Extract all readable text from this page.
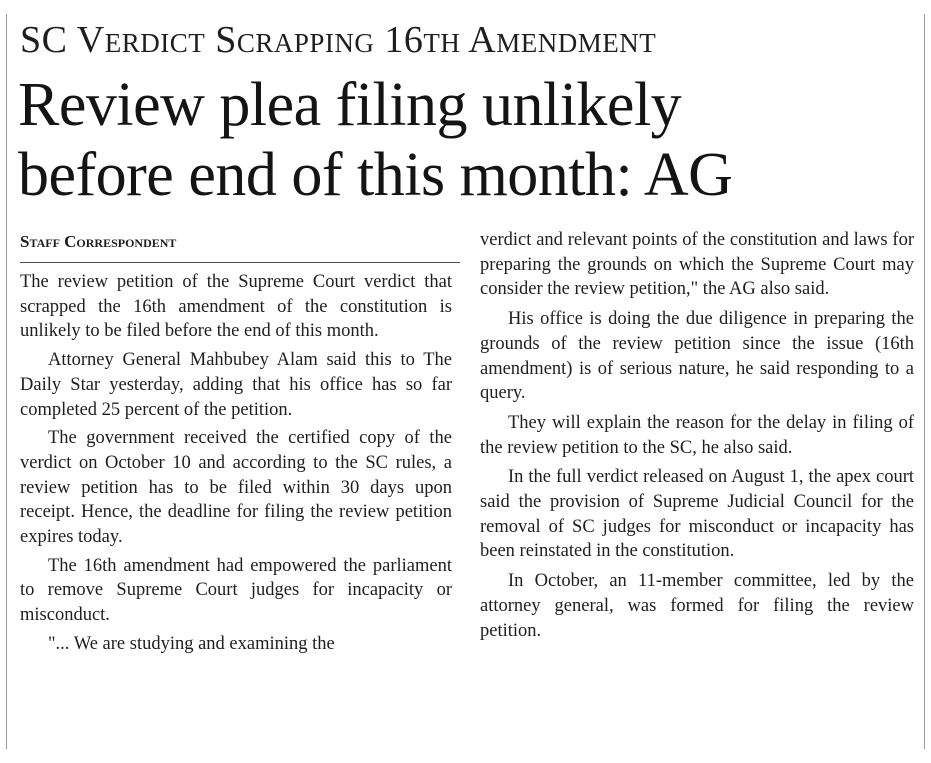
SC Verdict Scrapping 16th Amendment
Review plea filing unlikely
before end of this month: AG
Staff Correspondent

The review petition of the Supreme Court verdict that scrapped the 16th amendment of the constitution is unlikely to be filed before the end of this month.

Attorney General Mahbubey Alam said this to The Daily Star yesterday, adding that his office has so far completed 25 percent of the petition.

The government received the certified copy of the verdict on October 10 and according to the SC rules, a review petition has to be filed within 30 days upon receipt. Hence, the deadline for filing the review petition expires today.

The 16th amendment had empowered the parliament to remove Supreme Court judges for incapacity or misconduct.

"... We are studying and examining the

verdict and relevant points of the constitution and laws for preparing the grounds on which the Supreme Court may consider the review petition," the AG also said.

His office is doing the due diligence in preparing the grounds of the review petition since the issue (16th amendment) is of serious nature, he said responding to a query.

They will explain the reason for the delay in filing of the review petition to the SC, he also said.

In the full verdict released on August 1, the apex court said the provision of Supreme Judicial Council for the removal of SC judges for misconduct or incapacity has been reinstated in the constitution.

In October, an 11-member committee, led by the attorney general, was formed for filing the review petition.
